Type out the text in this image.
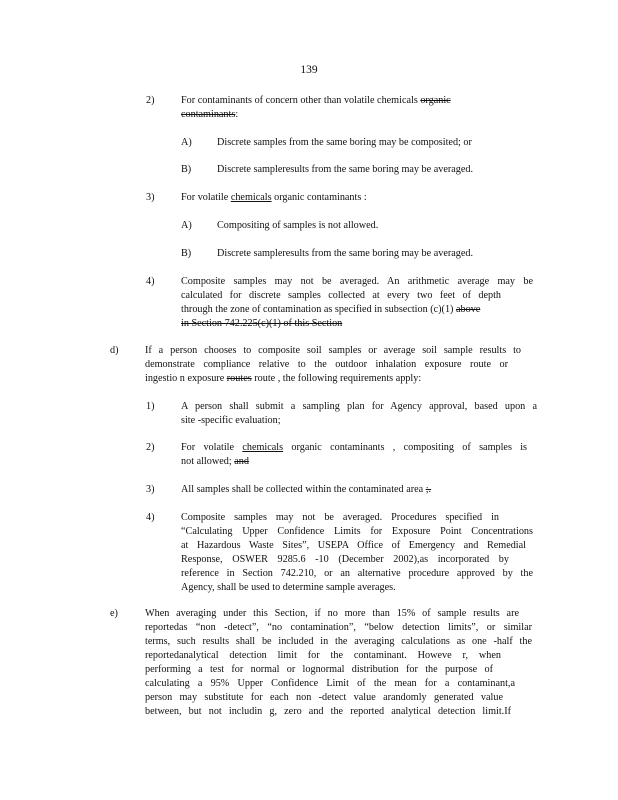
139
2)	For contaminants of concern other than volatile chemicals organic
contaminants:
A) Discrete samples from the same boring may be composited; or
B)	Discrete sampleresults from the same boring may be averaged.
3)	For volatile chemicals organic contaminants :
A) Compositing of samples is not allowed.
B)	Discrete sampleresults from the same boring may be averaged.
4)	Composite samples may not be averaged. An arithmetic average may be
calculated for discrete samples collected at every two feet of depth
through the zone of contamination as specified in subsection (c)(1) above
in Section 742.225(c)(1) of this Section
d)	If a person chooses to composite soil samples or average soil sample results to
demonstrate compliance relative to the outdoor inhalation exposure route or
ingestio n exposure routes route , the following requirements apply:
1)	A person shall submit a sampling plan for Agency approval, based upon a
site -specific evaluation;
2)	For volatile chemicals organic contaminants , compositing of samples is
not allowed; and
3)	All samples shall be collected within the contaminated area ;.
4)	Composite samples may not be averaged. Procedures specified in
“Calculating Upper Confidence Limits for Exposure Point Concentrations
at Hazardous Waste Sites”, USEPA Office of Emergency and Remedial
Response, OSWER 9285.6 -10 (December 2002),as incorporated by
reference in Section 742.210, or an alternative procedure approved by the
Agency, shall be used to determine sample averages.
e)	When averaging under this Section, if no more than 15% of sample results are
reportedas “non -detect”, “no contamination”, “below detection limits”, or similar
terms, such results shall be included in the averaging calculations as one -half the
reportedanalytical detection limit for the contaminant. Howeve r, when
performing a test for normal or lognormal distribution for the purpose of
calculating a 95% Upper Confidence Limit of the mean for a contaminant,a
person may substitute for each non -detect value arandomly generated value
between, but not includin g, zero and the reported analytical detection limit.If
